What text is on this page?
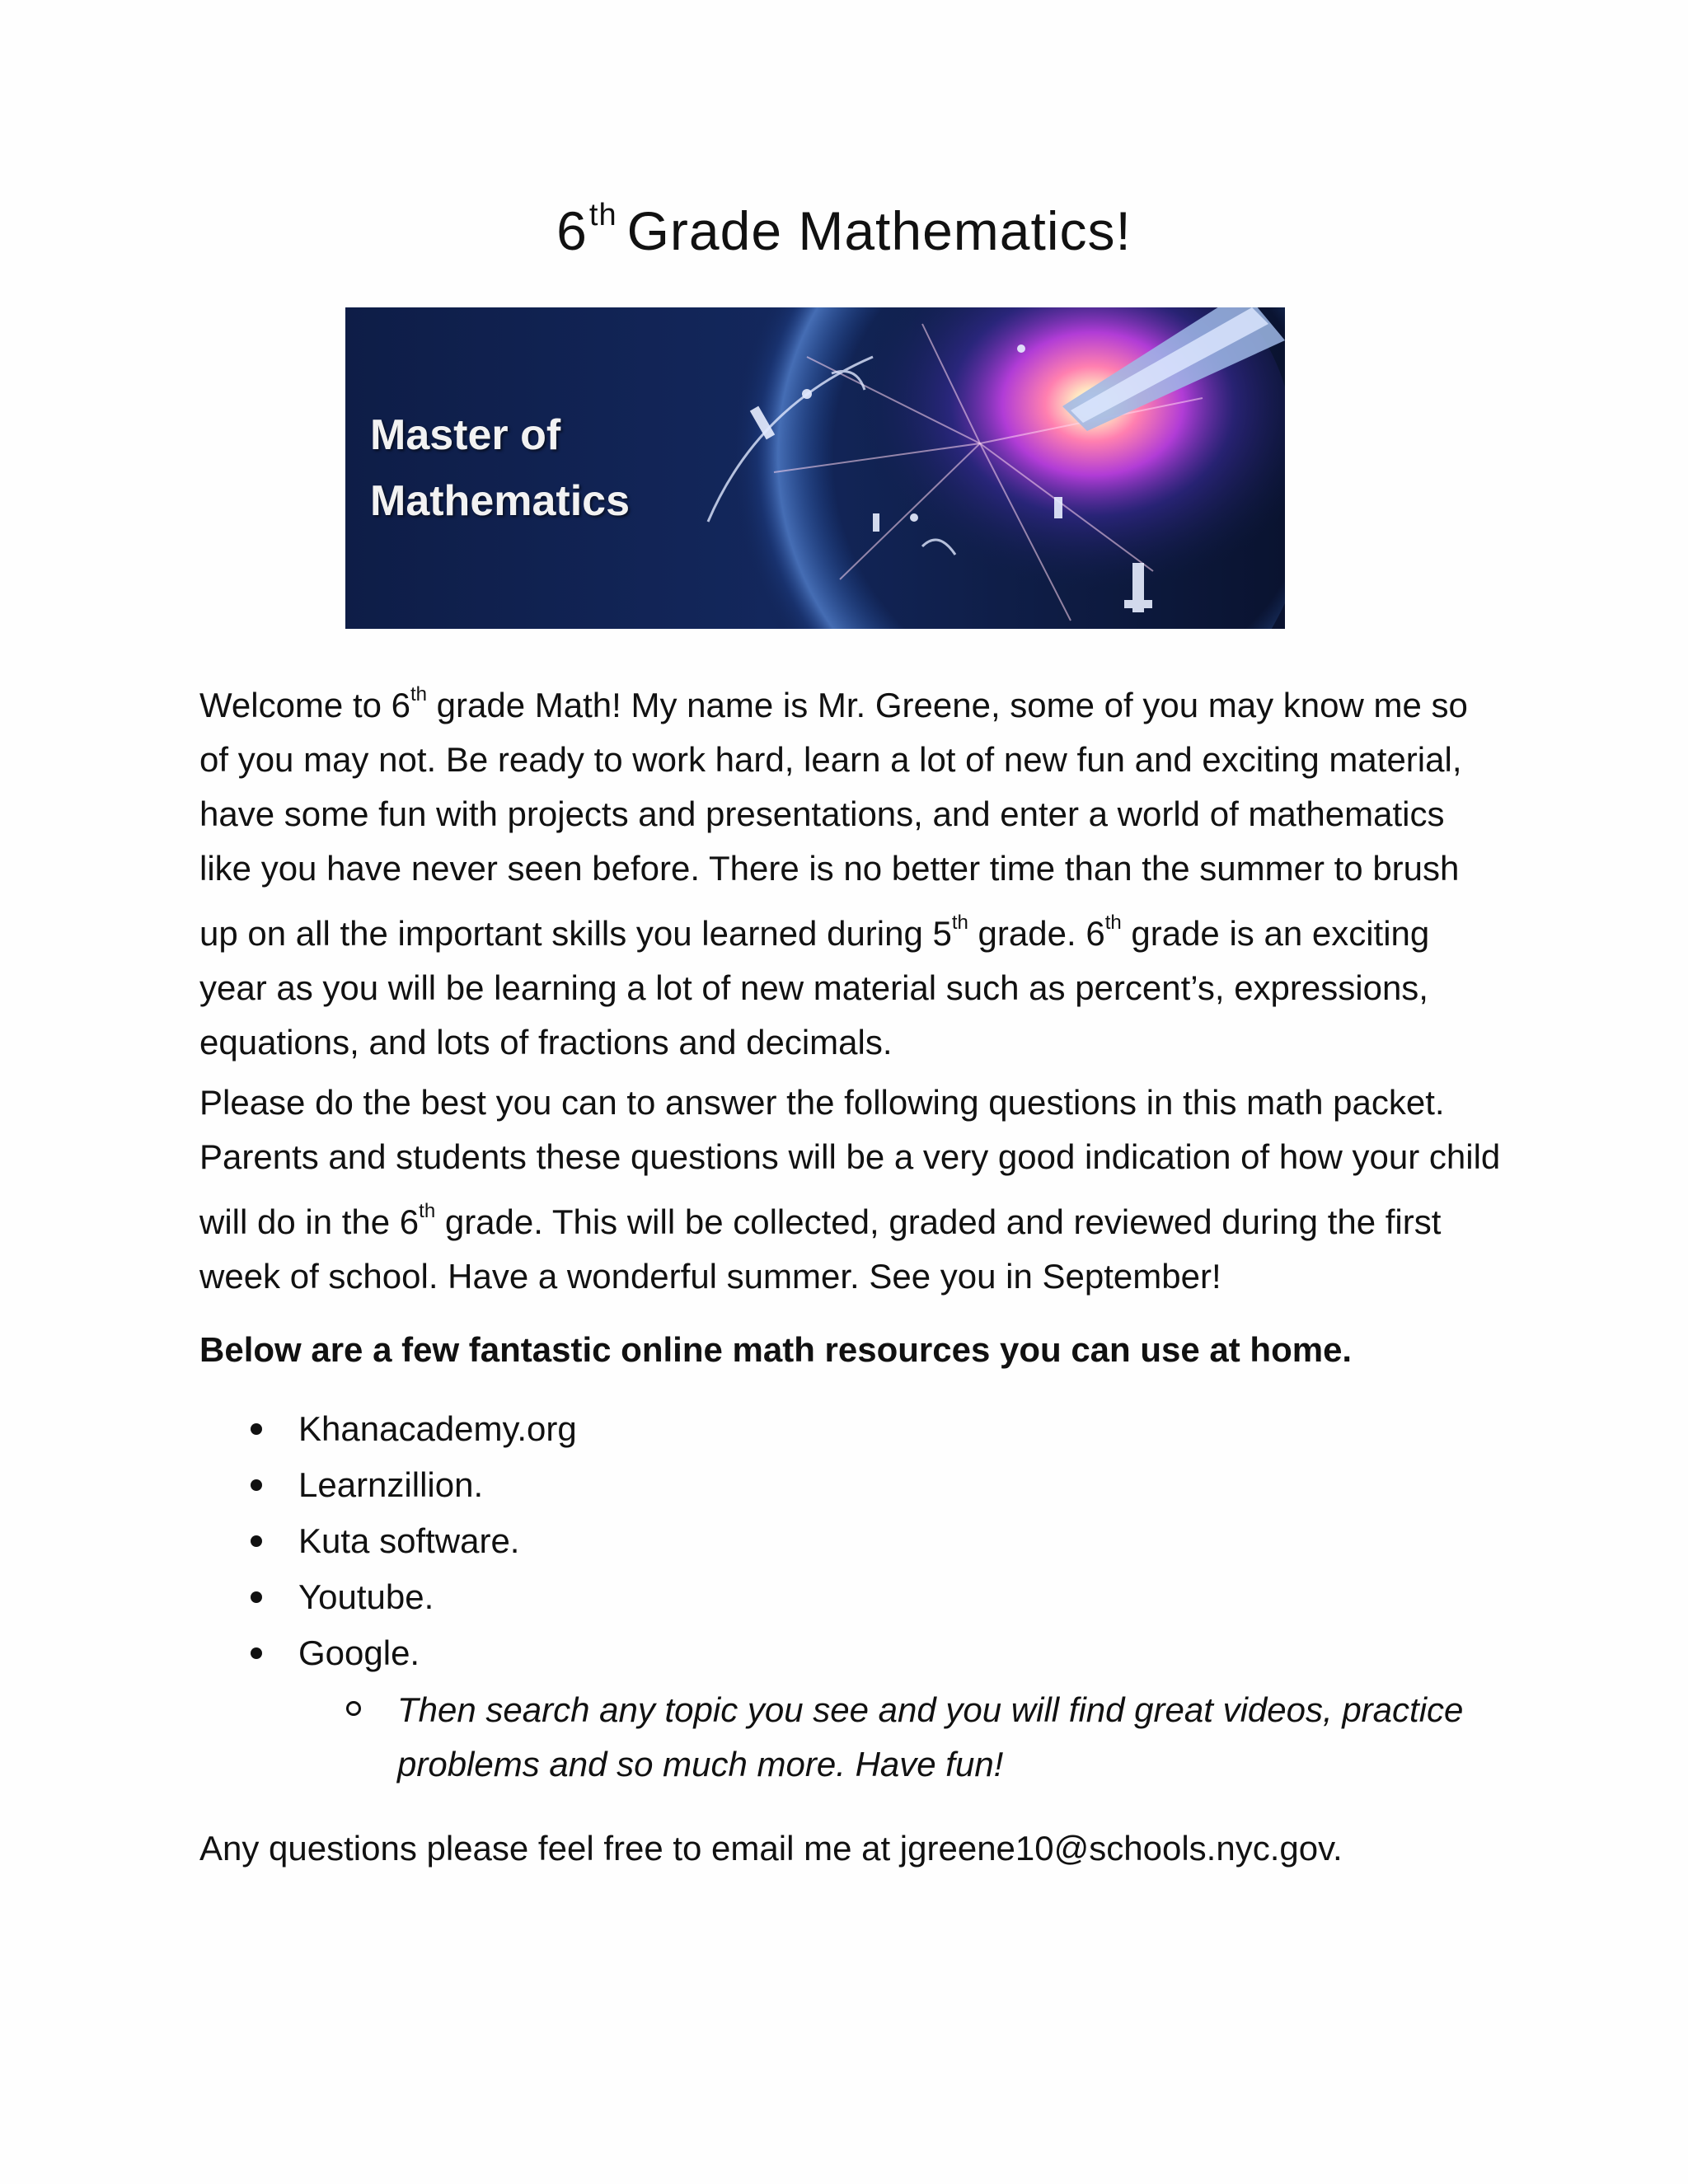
6th Grade Mathematics!
Master of
Mathematics

Welcome to 6th grade Math! My name is Mr. Greene, some of you may know me so of you may not. Be ready to work hard, learn a lot of new fun and exciting material, have some fun with projects and presentations, and enter a world of mathematics like you have never seen before. There is no better time than the summer to brush up on all the important skills you learned during 5th grade. 6th grade is an exciting year as you will be learning a lot of new material such as percent’s, expressions, equations, and lots of fractions and decimals.

Please do the best you can to answer the following questions in this math packet. Parents and students these questions will be a very good indication of how your child will do in the 6th grade. This will be collected, graded and reviewed during the first week of school. Have a wonderful summer. See you in September!

Below are a few fantastic online math resources you can use at home.

Khanacademy.org
Learnzillion.
Kuta software.
Youtube.
Google.

Then search any topic you see and you will find great videos, practice problems and so much more. Have fun!

Any questions please feel free to email me at jgreene10@schools.nyc.gov.
